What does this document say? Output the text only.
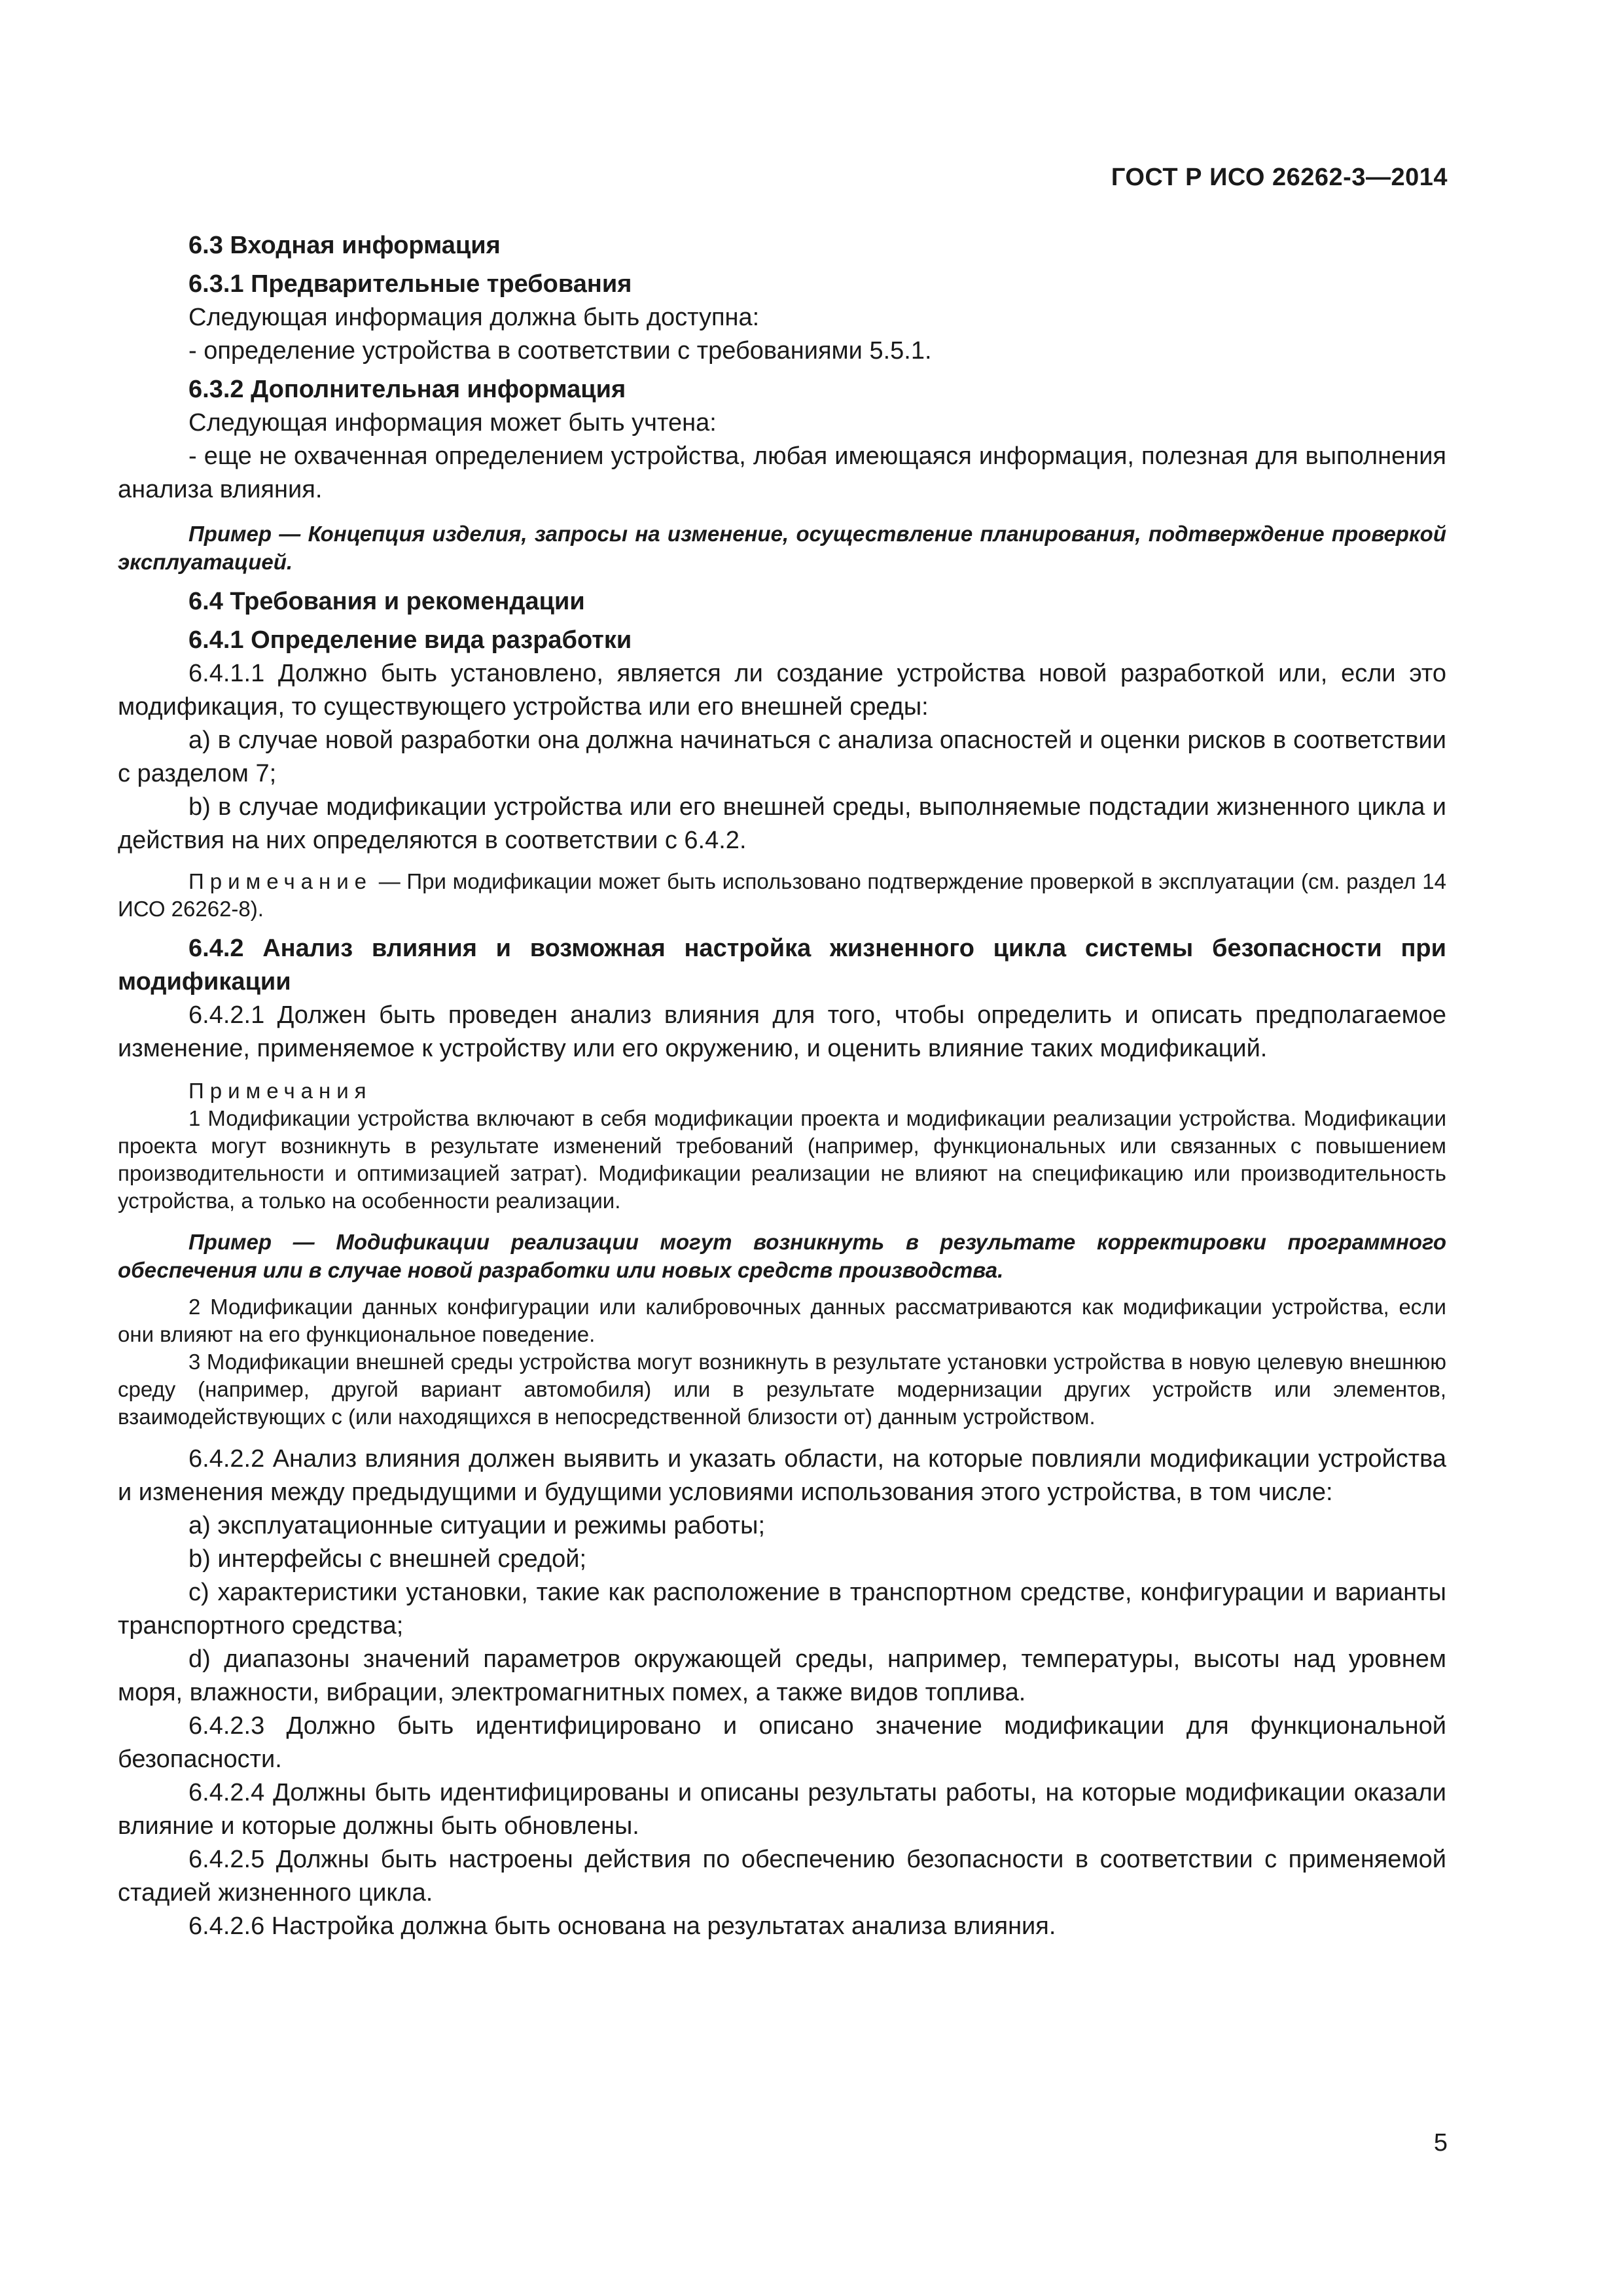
ГОСТ Р ИСО 26262-3—2014

6.3 Входная информация

6.3.1 Предварительные требования

Следующая информация должна быть доступна:

- определение устройства в соответствии с требованиями 5.5.1.

6.3.2 Дополнительная информация

Следующая информация может быть учтена:

- еще не охваченная определением устройства, любая имеющаяся информация, полезная для выполнения анализа влияния.

Пример — Концепция изделия, запросы на изменение, осуществление планирования, подтверждение проверкой эксплуатацией.

6.4 Требования и рекомендации

6.4.1 Определение вида разработки

6.4.1.1 Должно быть установлено, является ли создание устройства новой разработкой или, если это модификация, то существующего устройства или его внешней среды:

a) в случае новой разработки она должна начинаться с анализа опасностей и оценки рисков в соответствии с разделом 7;

b) в случае модификации устройства или его внешней среды, выполняемые подстадии жизненного цикла и действия на них определяются в соответствии с 6.4.2.

Примечание — При модификации может быть использовано подтверждение проверкой в эксплуатации (см. раздел 14 ИСО 26262-8).

6.4.2 Анализ влияния и возможная настройка жизненного цикла системы безопасности при модификации

6.4.2.1 Должен быть проведен анализ влияния для того, чтобы определить и описать предполагаемое изменение, применяемое к устройству или его окружению, и оценить влияние таких модификаций.

Примечания

1 Модификации устройства включают в себя модификации проекта и модификации реализации устройства. Модификации проекта могут возникнуть в результате изменений требований (например, функциональных или связанных с повышением производительности и оптимизацией затрат). Модификации реализации не влияют на спецификацию или производительность устройства, а только на особенности реализации.

Пример — Модификации реализации могут возникнуть в результате корректировки программного обеспечения или в случае новой разработки или новых средств производства.

2 Модификации данных конфигурации или калибровочных данных рассматриваются как модификации устройства, если они влияют на его функциональное поведение.

3 Модификации внешней среды устройства могут возникнуть в результате установки устройства в новую целевую внешнюю среду (например, другой вариант автомобиля) или в результате модернизации других устройств или элементов, взаимодействующих с (или находящихся в непосредственной близости от) данным устройством.

6.4.2.2 Анализ влияния должен выявить и указать области, на которые повлияли модификации устройства и изменения между предыдущими и будущими условиями использования этого устройства, в том числе:

a) эксплуатационные ситуации и режимы работы;

b) интерфейсы с внешней средой;

c) характеристики установки, такие как расположение в транспортном средстве, конфигурации и варианты транспортного средства;

d) диапазоны значений параметров окружающей среды, например, температуры, высоты над уровнем моря, влажности, вибрации, электромагнитных помех, а также видов топлива.

6.4.2.3 Должно быть идентифицировано и описано значение модификации для функциональной безопасности.

6.4.2.4 Должны быть идентифицированы и описаны результаты работы, на которые модификации оказали влияние и которые должны быть обновлены.

6.4.2.5 Должны быть настроены действия по обеспечению безопасности в соответствии с применяемой стадией жизненного цикла.

6.4.2.6 Настройка должна быть основана на результатах анализа влияния.

5
